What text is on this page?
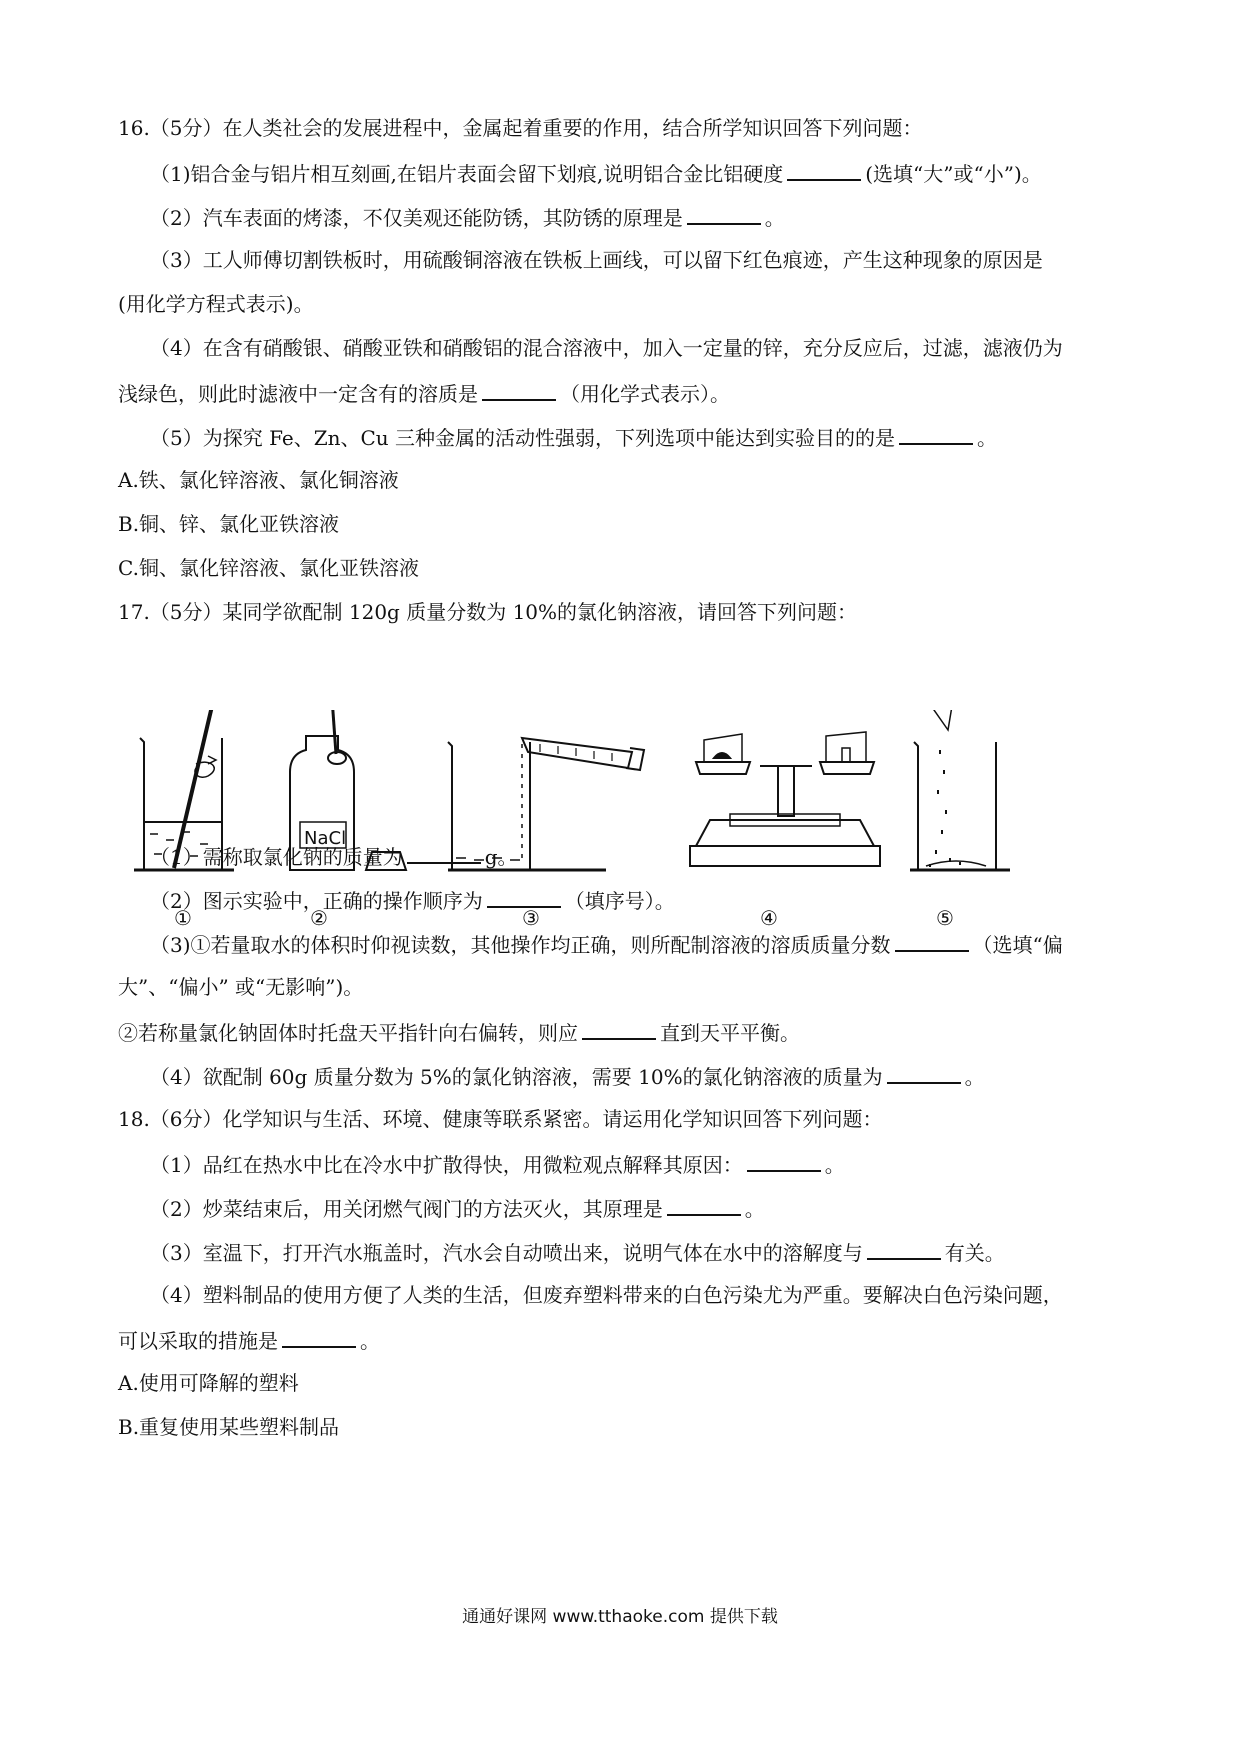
16.（5分）在人类社会的发展进程中，金属起着重要的作用，结合所学知识回答下列问题：
（1)铝合金与铝片相互刻画,在铝片表面会留下划痕,说明铝合金比铝硬度	(选填“大”或“小”)。
（2）汽车表面的烤漆，不仅美观还能防锈，其防锈的原理是	。
（3）工人师傅切割铁板时，用硫酸铜溶液在铁板上画线，可以留下红色痕迹，产生这种现象的原因是
(用化学方程式表示)。
（4）在含有硝酸银、硝酸亚铁和硝酸铝的混合溶液中，加入一定量的锌，充分反应后，过滤，滤液仍为
浅绿色，则此时滤液中一定含有的溶质是	（用化学式表示）。
（5）为探究 Fe、Zn、Cu 三种金属的活动性强弱，下列选项中能达到实验目的的是	。
A.铁、氯化锌溶液、氯化铜溶液
B.铜、锌、氯化亚铁溶液
C.铜、氯化锌溶液、氯化亚铁溶液
17.（5分）某同学欲配制 120g 质量分数为 10%的氯化钠溶液，请回答下列问题：
NaCl
①	②	③	④	⑤
（1）需称取氯化钠的质量为	g。
（2）图示实验中，正确的操作顺序为	（填序号）。
（3)①若量取水的体积时仰视读数，其他操作均正确，则所配制溶液的溶质质量分数	（选填“偏
大”、“偏小” 或“无影响”)。
②若称量氯化钠固体时托盘天平指针向右偏转，则应	直到天平平衡。
（4）欲配制 60g 质量分数为 5%的氯化钠溶液，需要 10%的氯化钠溶液的质量为	。
18.（6分）化学知识与生活、环境、健康等联系紧密。请运用化学知识回答下列问题：
（1）品红在热水中比在冷水中扩散得快，用微粒观点解释其原因：	。
（2）炒菜结束后，用关闭燃气阀门的方法灭火，其原理是	。
（3）室温下，打开汽水瓶盖时，汽水会自动喷出来，说明气体在水中的溶解度与	有关。
（4）塑料制品的使用方便了人类的生活，但废弃塑料带来的白色污染尤为严重。要解决白色污染问题，
可以采取的措施是	。
A.使用可降解的塑料
B.重复使用某些塑料制品
通通好课网 www.tthaoke.com 提供下载
